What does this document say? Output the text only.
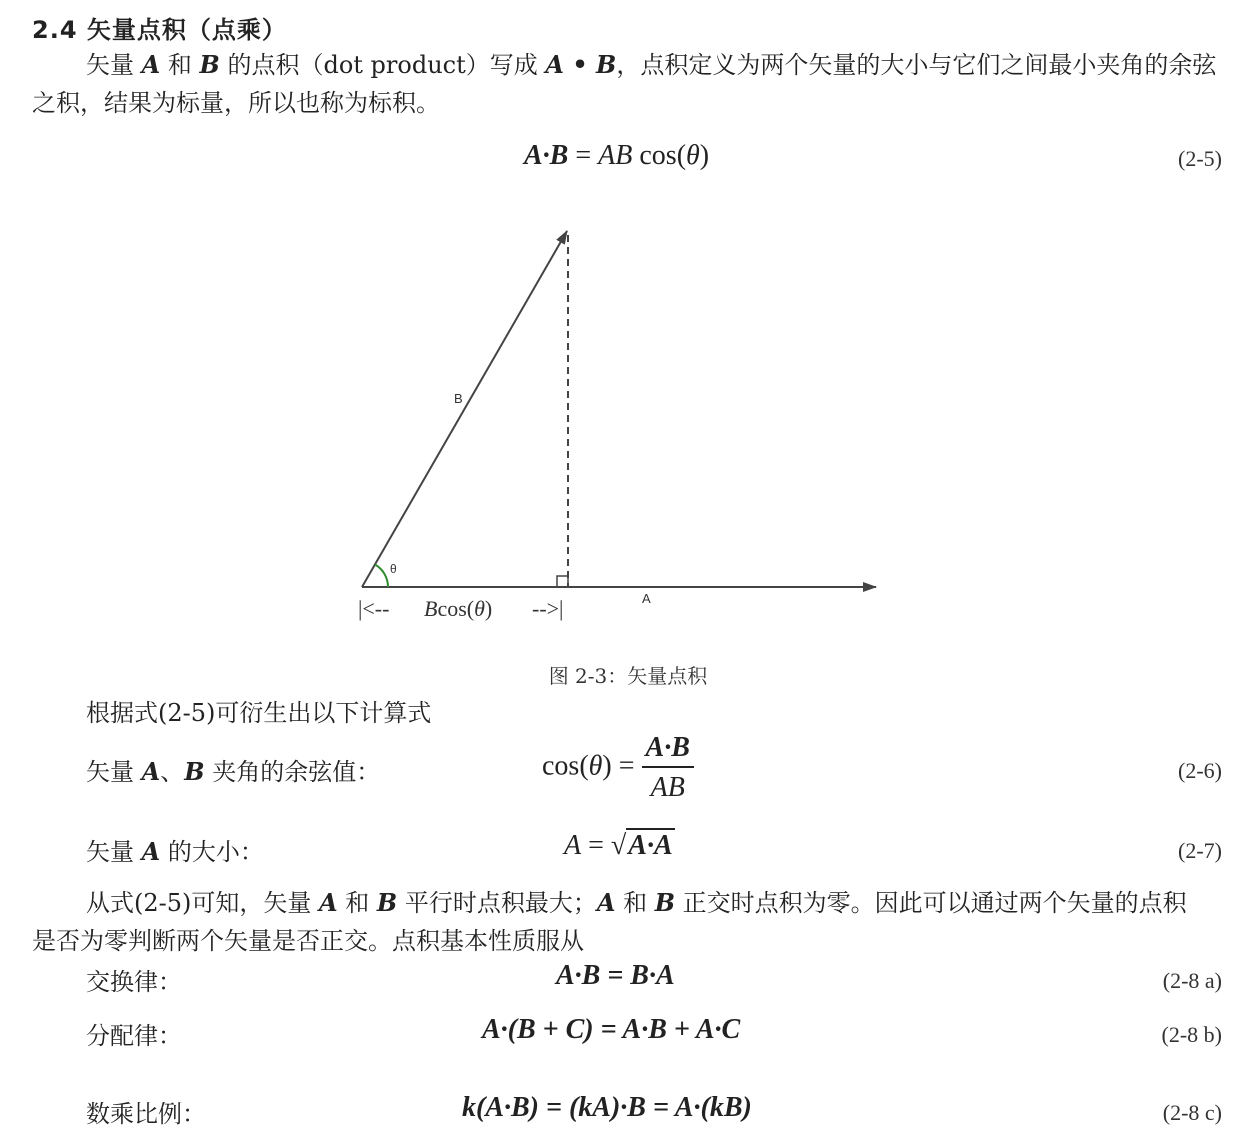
2.4 矢量点积（点乘）
矢量 A 和 B 的点积（dot product）写成 A • B，点积定义为两个矢量的大小与它们之间最小夹角的余弦
之积，结果为标量，所以也称为标积。
A·B = AB cos(θ)	(2-5)
B
A
θ
|<-- Bcos(θ) -->|
图 2-3：矢量点积
根据式(2-5)可衍生出以下计算式
矢量 A、B 夹角的余弦值：	$\cos(\theta) = \frac{A\cdot B}{AB}$	(2-6)
矢量 A 的大小：	A = √A·A	(2-7)
从式(2-5)可知，矢量 A 和 B 平行时点积最大；A 和 B 正交时点积为零。因此可以通过两个矢量的点积
是否为零判断两个矢量是否正交。点积基本性质服从
交换律：	A·B = B·A	(2-8 a)
分配律：	A·(B + C) = A·B + A·C	(2-8 b)
数乘比例：	k(A·B) = (kA)·B = A·(kB)	(2-8 c)
